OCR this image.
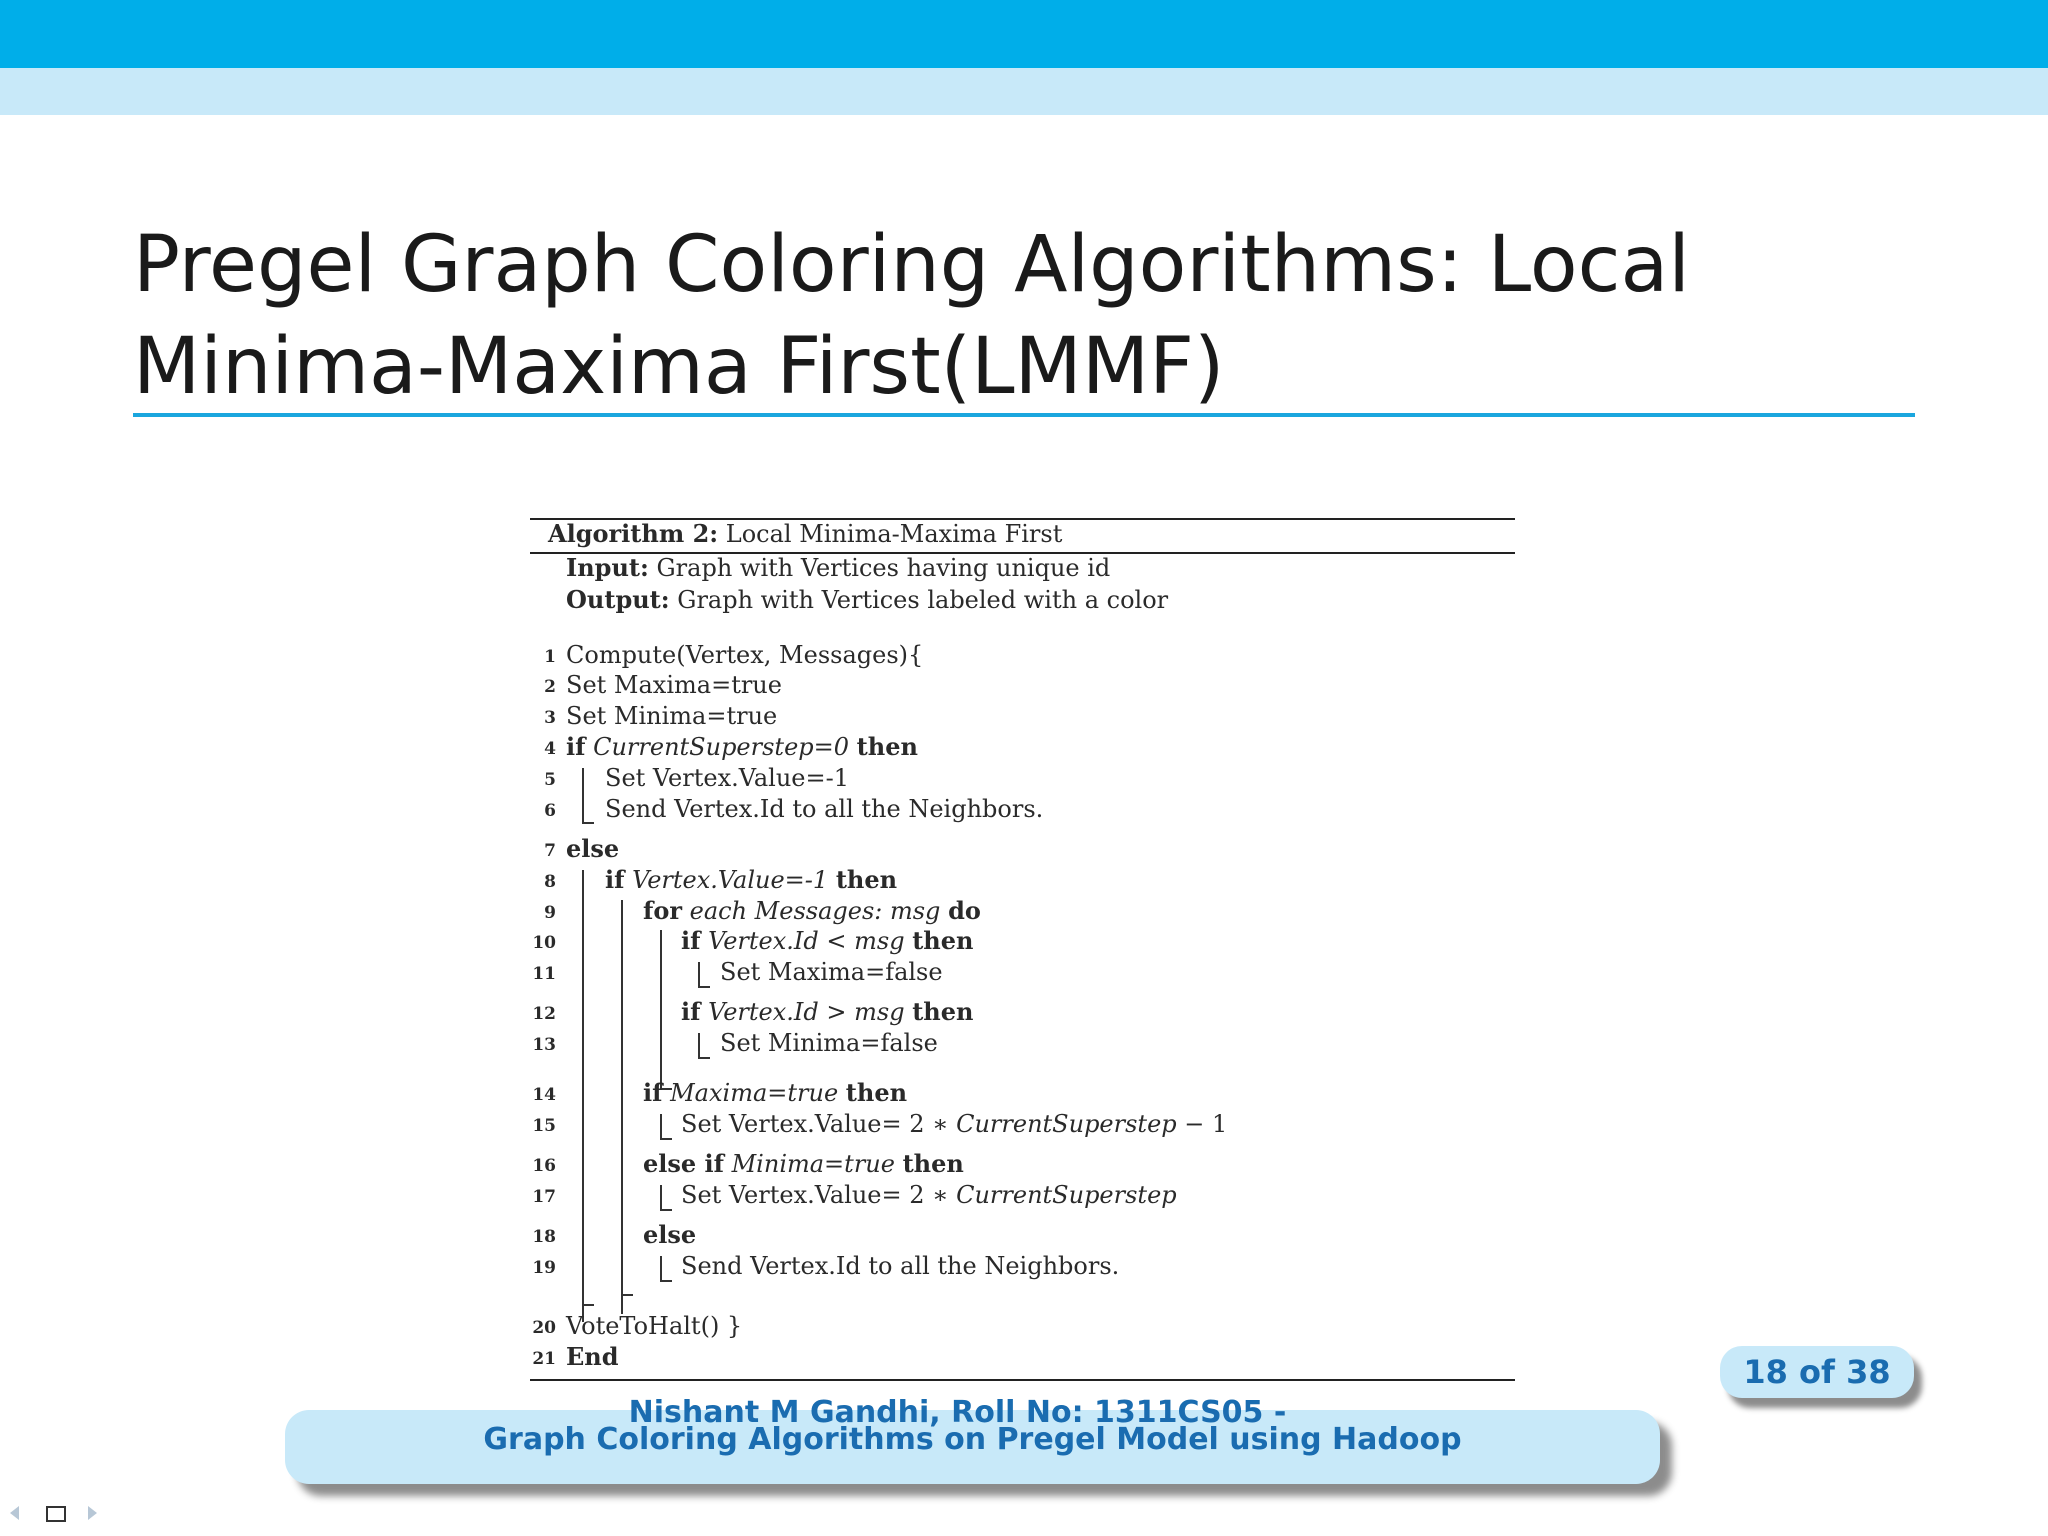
Pregel Graph Coloring Algorithms: Local Minima-Maxima First(LMMF)
Algorithm 2: Local Minima-Maxima First
Input: Graph with Vertices having unique id
Output: Graph with Vertices labeled with a color
1 Compute(Vertex, Messages){
2 Set Maxima=true
3 Set Minima=true
4 if CurrentSuperstep=0 then
5 Set Vertex.Value=-1
6 Send Vertex.Id to all the Neighbors.
7 else
8 if Vertex.Value=-1 then
9	for each Messages: msg do
10	if Vertex.Id < msg then
11	Set Maxima=false
12	if Vertex.Id > msg then
13	Set Minima=false
14	if Maxima=true then
15	Set Vertex.Value= 2 ∗ CurrentSuperstep − 1
16	else if Minima=true then
17	Set Vertex.Value= 2 ∗ CurrentSuperstep
18	else
19	Send Vertex.Id to all the Neighbors.
20 VoteToHalt() }
21 End	18 of 38
Nishant M Gandhi, Roll No: 1311CS05 -
Graph Coloring Algorithms on Pregel Model using Hadoop
